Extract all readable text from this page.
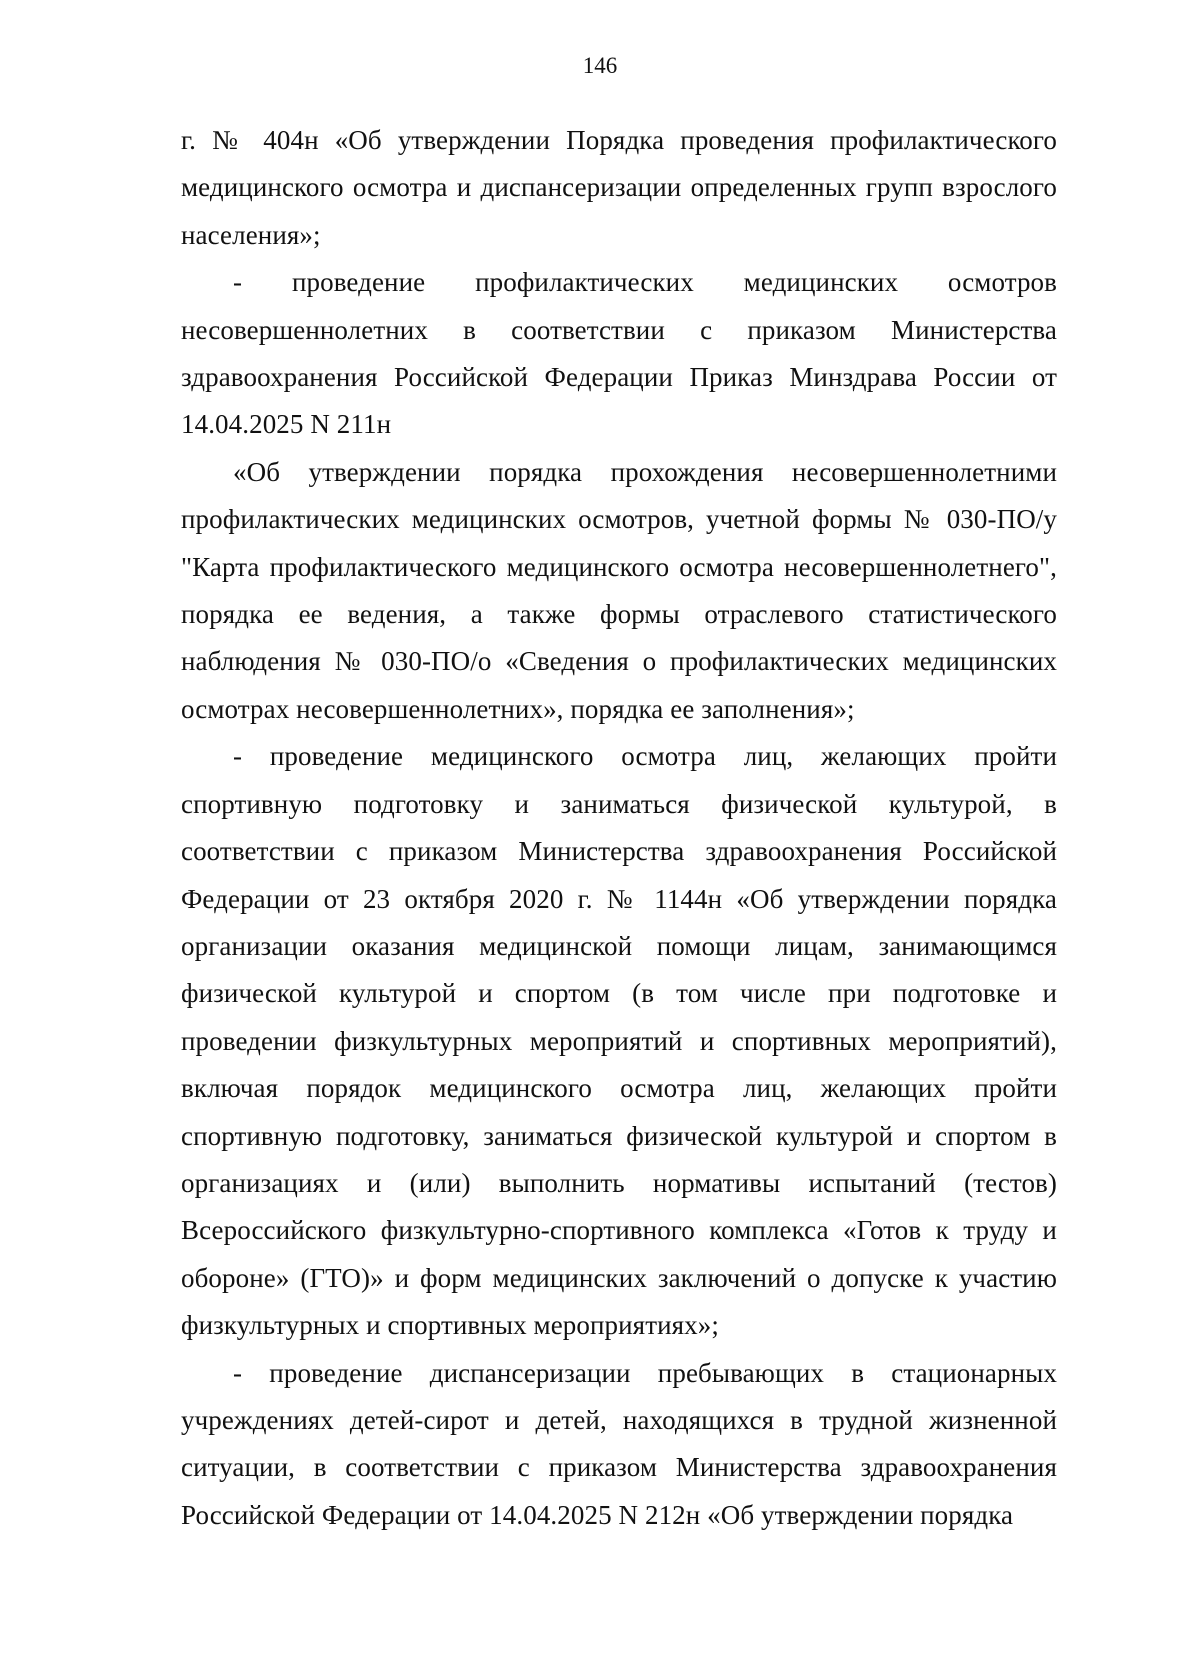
146

г. № 404н «Об утверждении Порядка проведения профилактического медицинского осмотра и диспансеризации определенных групп взрослого населения»;

- проведение профилактических медицинских осмотров несовершеннолетних в соответствии с приказом Министерства здравоохранения Российской Федерации Приказ Минздрава России от 14.04.2025 N 211н

«Об утверждении порядка прохождения несовершеннолетними профилактических медицинских осмотров, учетной формы № 030-ПО/у "Карта профилактического медицинского осмотра несовершеннолетнего", порядка ее ведения, а также формы отраслевого статистического наблюдения № 030-ПО/о «Сведения о профилактических медицинских осмотрах несовершеннолетних», порядка ее заполнения»;

- проведение медицинского осмотра лиц, желающих пройти спортивную подготовку и заниматься физической культурой, в соответствии с приказом Министерства здравоохранения Российской Федерации от 23 октября 2020 г. № 1144н «Об утверждении порядка организации оказания медицинской помощи лицам, занимающимся физической культурой и спортом (в том числе при подготовке и проведении физкультурных мероприятий и спортивных мероприятий), включая порядок медицинского осмотра лиц, желающих пройти спортивную подготовку, заниматься физической культурой и спортом в организациях и (или) выполнить нормативы испытаний (тестов) Всероссийского физкультурно-спортивного комплекса «Готов к труду и обороне» (ГТО)» и форм медицинских заключений о допуске к участию физкультурных и спортивных мероприятиях»;

- проведение диспансеризации пребывающих в стационарных учреждениях детей-сирот и детей, находящихся в трудной жизненной ситуации, в соответствии с приказом Министерства здравоохранения Российской Федерации от 14.04.2025 N 212н «Об утверждении порядка
